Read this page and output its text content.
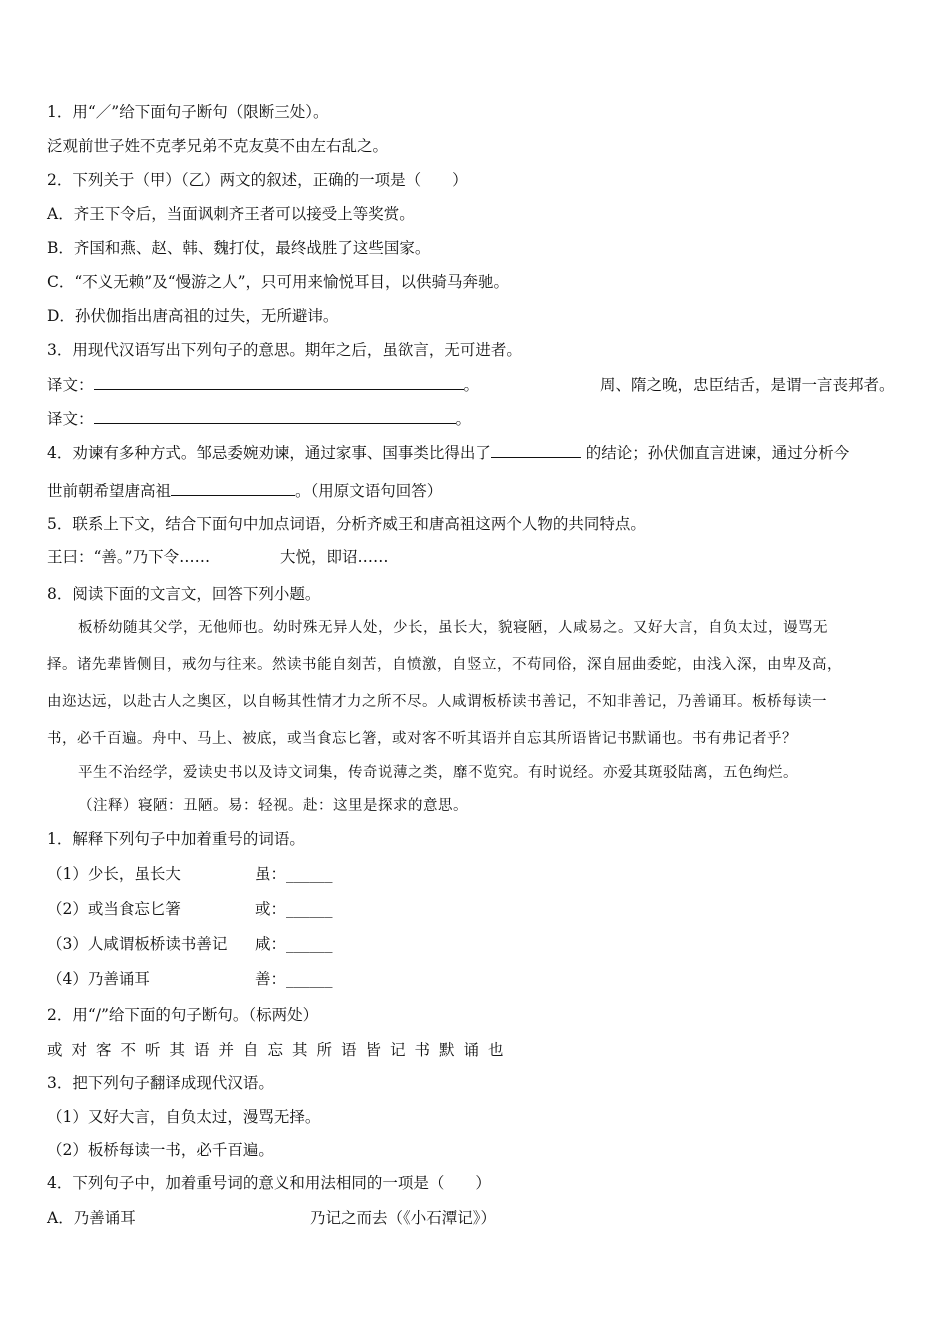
1．用“／”给下面句子断句（限断三处）。
泛观前世子姓不克孝兄弟不克友莫不由左右乱之。
2．下列关于（甲）（乙）两文的叙述，正确的一项是（　　）
A．齐王下令后，当面讽刺齐王者可以接受上等奖赏。
B．齐国和燕、赵、韩、魏打仗，最终战胜了这些国家。
C．“不义无赖”及“慢游之人”，只可用来愉悦耳目，以供骑马奔驰。
D．孙伏伽指出唐高祖的过失，无所避讳。
3．用现代汉语写出下列句子的意思。期年之后，虽欲言，无可进者。
译文：	。	周、隋之晚，忠臣结舌，是谓一言丧邦者。
译文：	。
4．劝谏有多种方式。邹忌委婉劝谏，通过家事、国事类比得出了	的结论；孙伏伽直言进谏，通过分析今
世前朝希望唐高祖	。（用原文语句回答）
5．联系上下文，结合下面句中加点词语，分析齐威王和唐高祖这两个人物的共同特点。
王曰：“善。”乃下令……	大悦，即诏……
8．阅读下面的文言文，回答下列小题。
板桥幼随其父学，无他师也。幼时殊无异人处，少长，虽长大，貌寝陋，人咸易之。又好大言，自负太过，谩骂无
择。诸先辈皆侧目，戒勿与往来。然读书能自刻苦，自愤激，自竖立，不苟同俗，深自屈曲委蛇，由浅入深，由卑及高，
由迩达远，以赴古人之奥区，以自畅其性情才力之所不尽。人咸谓板桥读书善记，不知非善记，乃善诵耳。板桥每读一
书，必千百遍。舟中、马上、被底，或当食忘匕箸，或对客不听其语并自忘其所语皆记书默诵也。书有弗记者乎？
平生不治经学，爱读史书以及诗文词集，传奇说薄之类，靡不览究。有时说经。亦爱其斑驳陆离，五色绚烂。
（注释）寝陋：丑陋。易：轻视。赴：这里是探求的意思。
1．解释下列句子中加着重号的词语。
（1）少长，虽长大	虽：______
（2）或当食忘匕箸	或：______
（3）人咸谓板桥读书善记 咸：______
（4）乃善诵耳	善：______
2．用“/”给下面的句子断句。（标两处）
或对客不听其语并自忘其所语皆记书默诵也
3．把下列句子翻译成现代汉语。
（1）又好大言，自负太过，漫骂无择。
（2）板桥每读一书，必千百遍。
4．下列句子中，加着重号词的意义和用法相同的一项是（　　）
A．乃善诵耳	乃记之而去（《小石潭记》）
